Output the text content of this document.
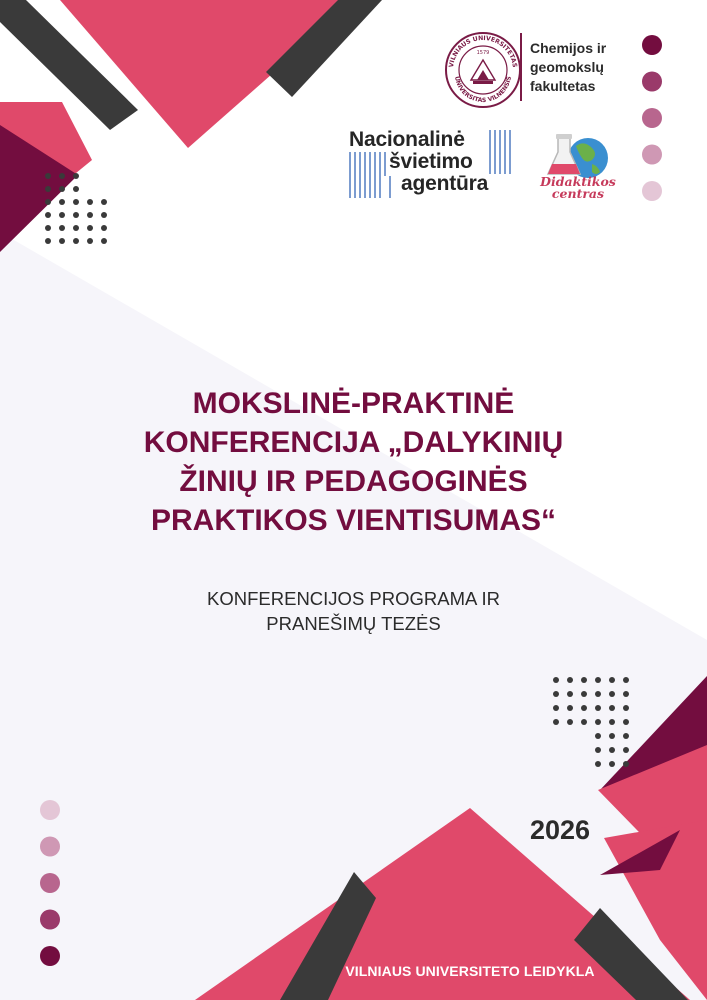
VILNIAUS UNIVERSITETAS
UNIVERSITAS VILNENSIS
1579	Chemijos ir
geomokslų
fakultetas
Nacionalinė
švietimo
agentūra	Didaktikos
centras
MOKSLINĖ-PRAKTINĖ
KONFERENCIJA „DALYKINIŲ
ŽINIŲ IR PEDAGOGINĖS
PRAKTIKOS VIENTISUMAS“
KONFERENCIJOS PROGRAMA IR
PRANEŠIMŲ TEZĖS
2026
VILNIAUS UNIVERSITETO LEIDYKLA
